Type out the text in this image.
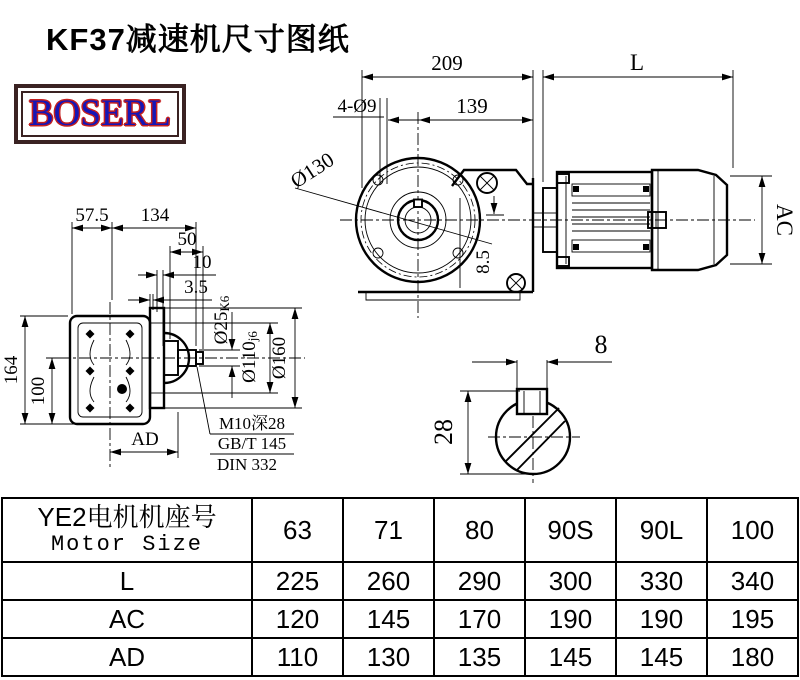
KF37减速机尺寸图纸
BOSERL
209	L
139
4-Ø9
8.5
Ø130
AC
57.5 134
50
10
3.5
164
100
Ø25K6
Ø110j6
Ø160
M10深28
GB/T 145
DIN 332
AD
8
28
YE2电机机座号
Motor Size	63	71	80	90S	90L	100
L	225	260	290	300	330	340
AC	120	145	170	190	190	195
AD	110	130	135	145	145	180
